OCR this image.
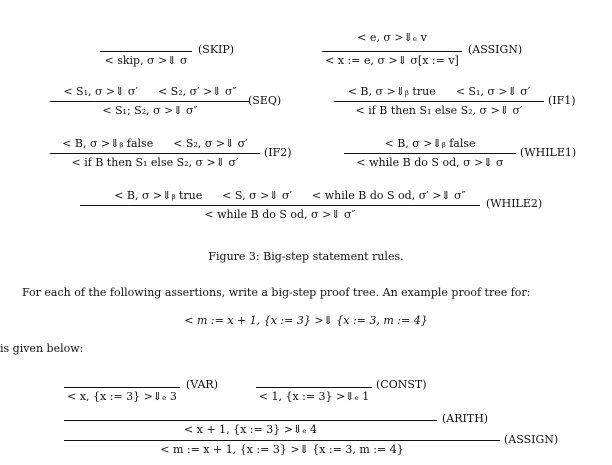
< skip, σ >⇓ σ
(SKIP)
< e, σ >⇓ₑ v
< x := e, σ >⇓ σ[x := v]
(ASSIGN)
< S₁, σ >⇓ σ′ < S₂, σ′ >⇓ σ″
< S₁; S₂, σ >⇓ σ″
(SEQ)
< B, σ >⇓ᵦ true < S₁, σ >⇓ σ′
< if B then S₁ else S₂, σ >⇓ σ′
(IF1)
< B, σ >⇓ᵦ false < S₂, σ >⇓ σ′
< if B then S₁ else S₂, σ >⇓ σ′
(IF2)
< B, σ >⇓ᵦ false
< while B do S od, σ >⇓ σ
(WHILE1)
< B, σ >⇓ᵦ true < S, σ >⇓ σ′ < while B do S od, σ′ >⇓ σ″
< while B do S od, σ >⇓ σ″
(WHILE2)
Figure 3: Big-step statement rules.
For each of the following assertions, write a big-step proof tree. An example proof tree for:
< m := x + 1, {x := 3} >⇓ {x := 3, m := 4}
is given below:
< x, {x := 3} >⇓ₑ 3
(VAR)
< 1, {x := 3} >⇓ₑ 1
(CONST)
< x + 1, {x := 3} >⇓ₑ 4
(ARITH)
< m := x + 1, {x := 3} >⇓ {x := 3, m := 4}
(ASSIGN)
